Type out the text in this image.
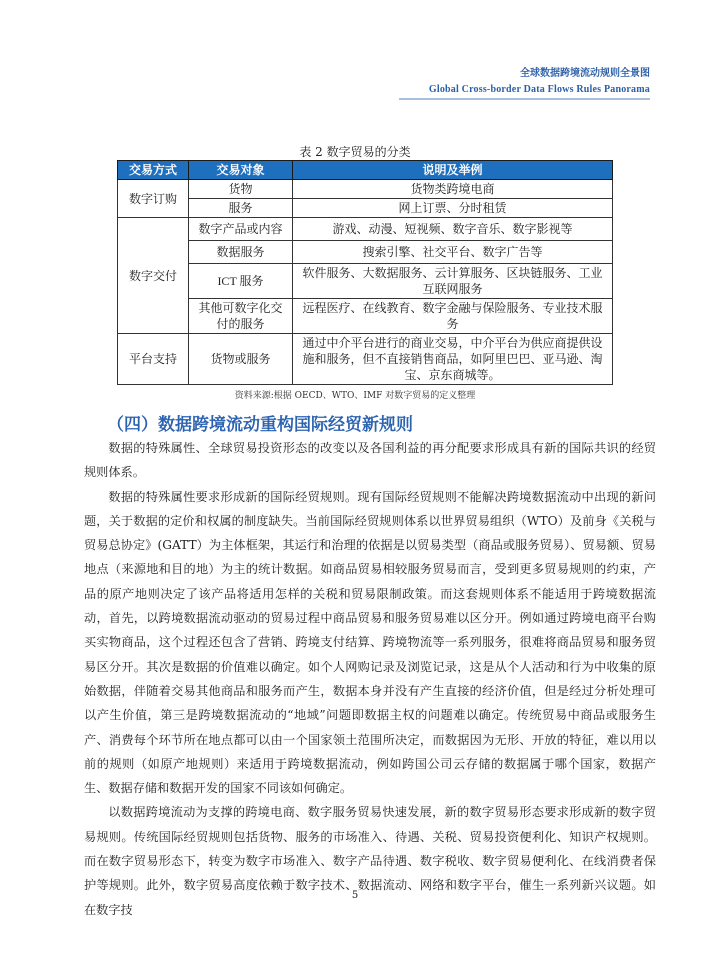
全球数据跨境流动规则全景图
Global Cross-border Data Flows Rules Panorama
表 2 数字贸易的分类
交易方式	交易对象	说明及举例
数字订购	货物	货物类跨境电商
	服务	网上订票、分时租赁
数字交付	数字产品或内容	游戏、动漫、短视频、数字音乐、数字影视等
	数据服务	搜索引擎、社交平台、数字广告等
	ICT 服务	软件服务、大数据服务、云计算服务、区块链服务、工业互联网服务
	其他可数字化交付的服务	远程医疗、在线教育、数字金融与保险服务、专业技术服务
平台支持	货物或服务	通过中介平台进行的商业交易，中介平台为供应商提供设施和服务，但不直接销售商品，如阿里巴巴、亚马逊、淘宝、京东商城等。
资料来源:根据 OECD、WTO、IMF 对数字贸易的定义整理
（四）数据跨境流动重构国际经贸新规则

数据的特殊属性、全球贸易投资形态的改变以及各国利益的再分配要求形成具有新的国际共识的经贸规则体系。

数据的特殊属性要求形成新的国际经贸规则。现有国际经贸规则不能解决跨境数据流动中出现的新问题，关于数据的定价和权属的制度缺失。当前国际经贸规则体系以世界贸易组织（WTO）及前身《关税与贸易总协定》(GATT）为主体框架，其运行和治理的依据是以贸易类型（商品或服务贸易）、贸易额、贸易地点（来源地和目的地）为主的统计数据。如商品贸易相较服务贸易而言，受到更多贸易规则的约束，产品的原产地则决定了该产品将适用怎样的关税和贸易限制政策。而这套规则体系不能适用于跨境数据流动，首先，以跨境数据流动驱动的贸易过程中商品贸易和服务贸易难以区分开。例如通过跨境电商平台购买实物商品，这个过程还包含了营销、跨境支付结算、跨境物流等一系列服务，很难将商品贸易和服务贸易区分开。其次是数据的价值难以确定。如个人网购记录及浏览记录，这是从个人活动和行为中收集的原始数据，伴随着交易其他商品和服务而产生，数据本身并没有产生直接的经济价值，但是经过分析处理可以产生价值，第三是跨境数据流动的“地域”问题即数据主权的问题难以确定。传统贸易中商品或服务生产、消费每个环节所在地点都可以由一个国家领土范围所决定，而数据因为无形、开放的特征，难以用以前的规则（如原产地规则）来适用于跨境数据流动，例如跨国公司云存储的数据属于哪个国家，数据产生、数据存储和数据开发的国家不同该如何确定。

以数据跨境流动为支撑的跨境电商、数字服务贸易快速发展，新的数字贸易形态要求形成新的数字贸易规则。传统国际经贸规则包括货物、服务的市场准入、待遇、关税、贸易投资便利化、知识产权规则。而在数字贸易形态下，转变为数字市场准入、数字产品待遇、数字税收、数字贸易便利化、在线消费者保护等规则。此外，数字贸易高度依赖于数字技术、数据流动、网络和数字平台，催生一系列新兴议题。如在数字技

5
